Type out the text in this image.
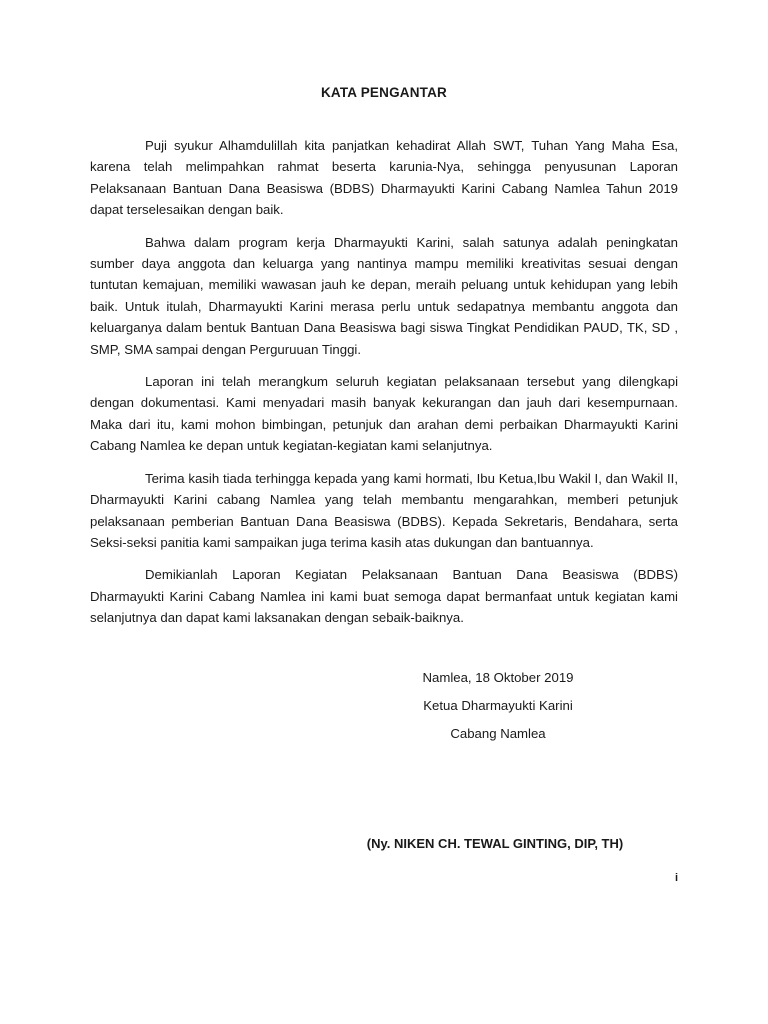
KATA PENGANTAR

Puji syukur Alhamdulillah kita panjatkan kehadirat Allah SWT, Tuhan Yang Maha Esa, karena telah melimpahkan rahmat beserta karunia-Nya, sehingga penyusunan Laporan Pelaksanaan Bantuan Dana Beasiswa (BDBS) Dharmayukti Karini Cabang Namlea Tahun 2019 dapat terselesaikan dengan baik.

Bahwa dalam program kerja Dharmayukti Karini, salah satunya adalah peningkatan sumber daya anggota dan keluarga yang nantinya mampu memiliki kreativitas sesuai dengan tuntutan kemajuan, memiliki wawasan jauh ke depan, meraih peluang untuk kehidupan yang lebih baik. Untuk itulah, Dharmayukti Karini merasa perlu untuk sedapatnya membantu anggota dan keluarganya dalam bentuk Bantuan Dana Beasiswa bagi siswa Tingkat Pendidikan PAUD, TK, SD , SMP, SMA sampai dengan Perguruuan Tinggi.

Laporan ini telah merangkum seluruh kegiatan pelaksanaan tersebut yang dilengkapi dengan dokumentasi. Kami menyadari masih banyak kekurangan dan jauh dari kesempurnaan. Maka dari itu, kami mohon bimbingan, petunjuk dan arahan demi perbaikan Dharmayukti Karini Cabang Namlea ke depan untuk kegiatan-kegiatan kami selanjutnya.

Terima kasih tiada terhingga kepada yang kami hormati, Ibu Ketua,Ibu Wakil I, dan Wakil II, Dharmayukti Karini cabang Namlea yang telah membantu mengarahkan, memberi petunjuk pelaksanaan pemberian Bantuan Dana Beasiswa (BDBS). Kepada Sekretaris, Bendahara, serta Seksi-seksi panitia kami sampaikan juga terima kasih atas dukungan dan bantuannya.

Demikianlah Laporan Kegiatan Pelaksanaan Bantuan Dana Beasiswa (BDBS) Dharmayukti Karini Cabang Namlea ini kami buat semoga dapat bermanfaat untuk kegiatan kami selanjutnya dan dapat kami laksanakan dengan sebaik-baiknya.

Namlea, 18 Oktober 2019
Ketua Dharmayukti Karini
Cabang Namlea
(Ny. NIKEN CH. TEWAL GINTING, DIP, TH)
i
